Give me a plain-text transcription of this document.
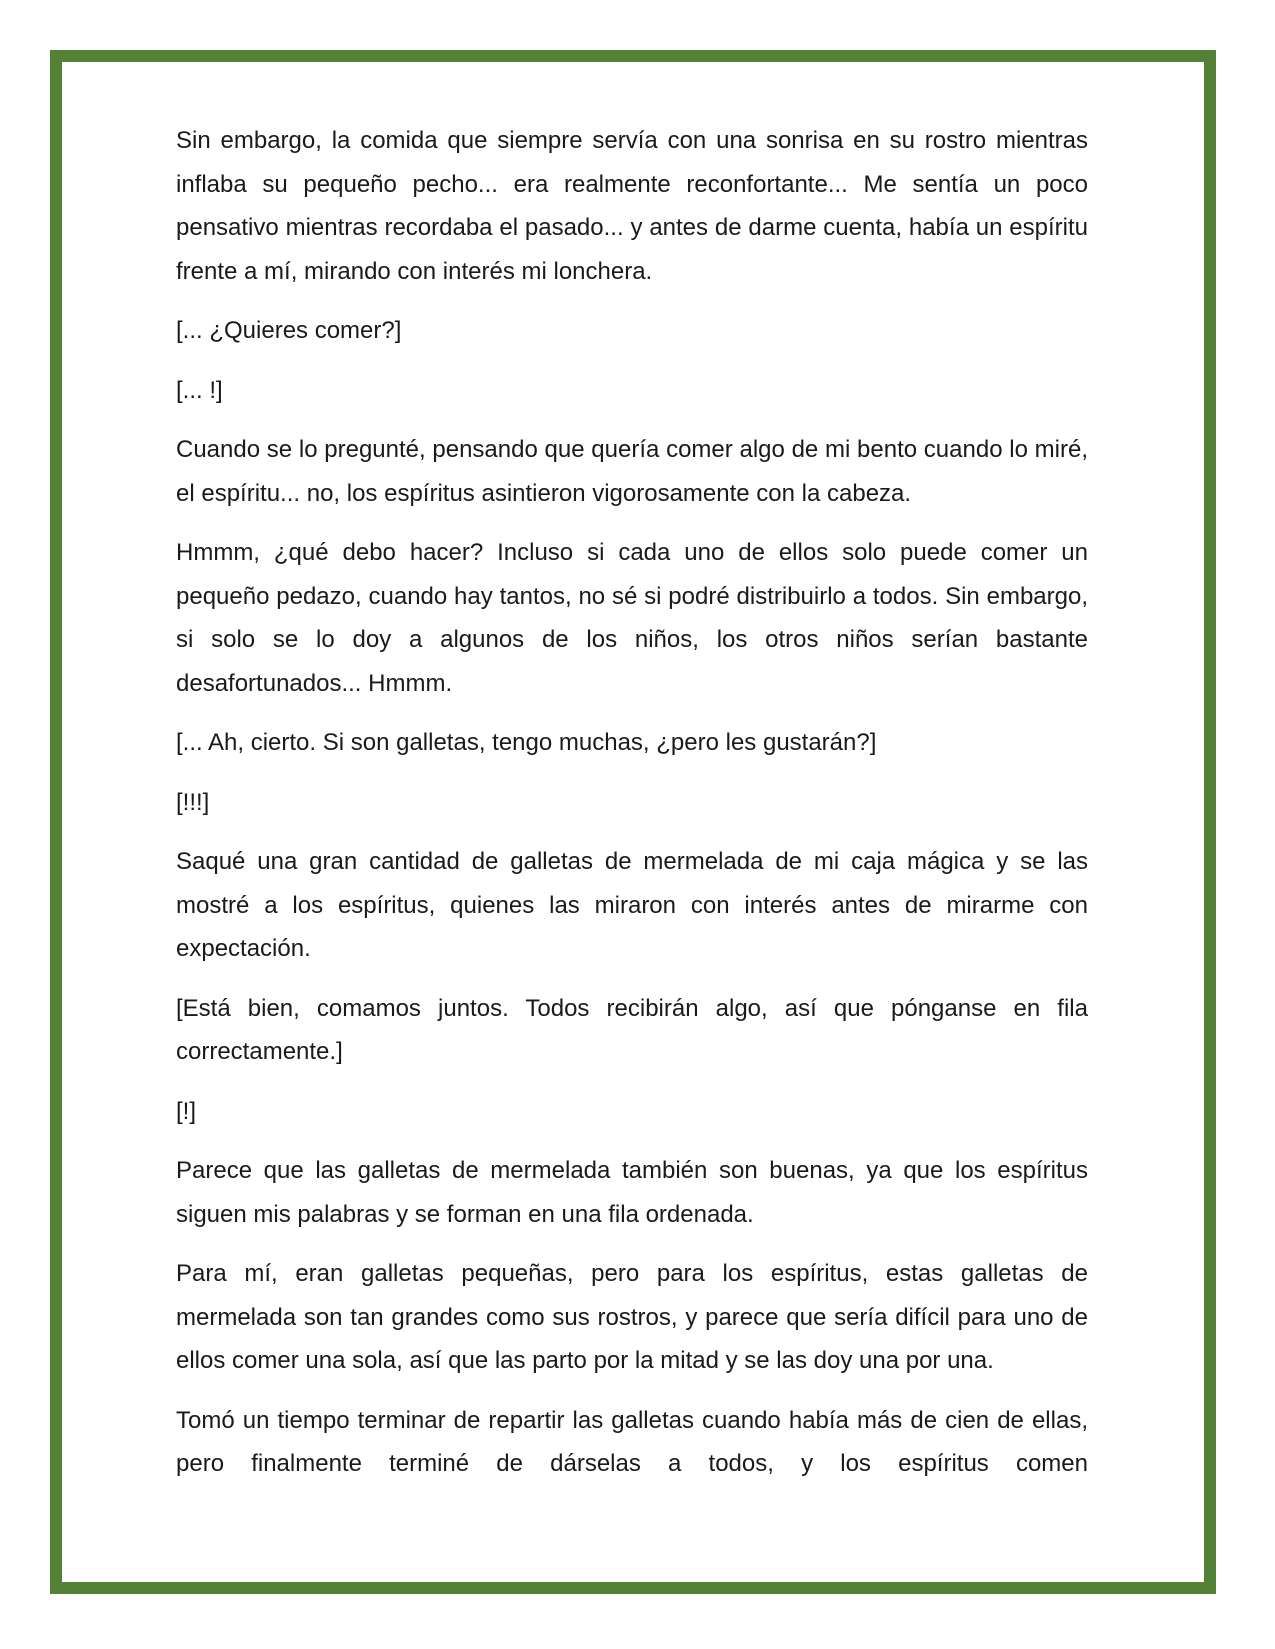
Sin embargo, la comida que siempre servía con una sonrisa en su rostro mientras inflaba su pequeño pecho... era realmente reconfortante... Me sentía un poco pensativo mientras recordaba el pasado... y antes de darme cuenta, había un espíritu frente a mí, mirando con interés mi lonchera.

[... ¿Quieres comer?]

[... !]

Cuando se lo pregunté, pensando que quería comer algo de mi bento cuando lo miré, el espíritu... no, los espíritus asintieron vigorosamente con la cabeza.

Hmmm, ¿qué debo hacer? Incluso si cada uno de ellos solo puede comer un pequeño pedazo, cuando hay tantos, no sé si podré distribuirlo a todos. Sin embargo, si solo se lo doy a algunos de los niños, los otros niños serían bastante desafortunados... Hmmm.

[... Ah, cierto. Si son galletas, tengo muchas, ¿pero les gustarán?]

[!!!]

Saqué una gran cantidad de galletas de mermelada de mi caja mágica y se las mostré a los espíritus, quienes las miraron con interés antes de mirarme con expectación.

[Está bien, comamos juntos. Todos recibirán algo, así que pónganse en fila correctamente.]

[!]

Parece que las galletas de mermelada también son buenas, ya que los espíritus siguen mis palabras y se forman en una fila ordenada.

Para mí, eran galletas pequeñas, pero para los espíritus, estas galletas de mermelada son tan grandes como sus rostros, y parece que sería difícil para uno de ellos comer una sola, así que las parto por la mitad y se las doy una por una.

Tomó un tiempo terminar de repartir las galletas cuando había más de cien de ellas, pero finalmente terminé de dárselas a todos, y los espíritus comen
